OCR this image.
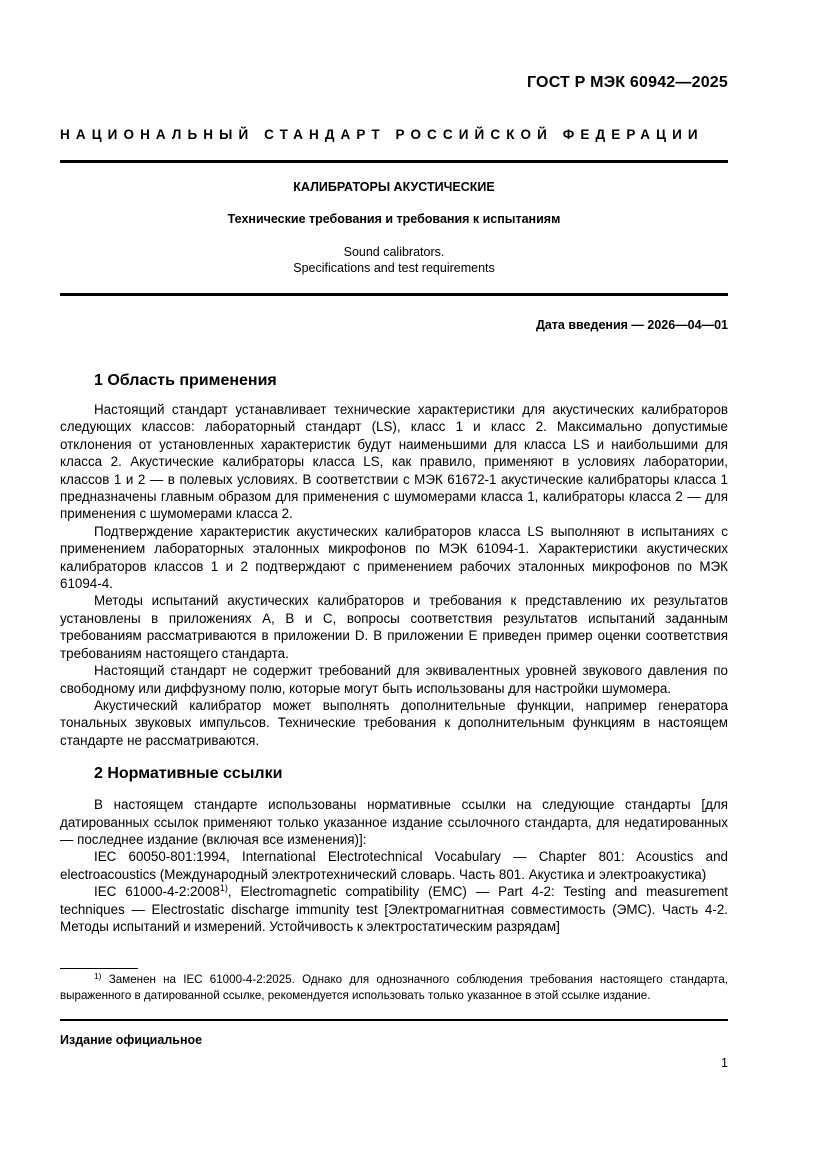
ГОСТ Р МЭК 60942—2025
НАЦИОНАЛЬНЫЙ СТАНДАРТ РОССИЙСКОЙ ФЕДЕРАЦИИ
КАЛИБРАТОРЫ АКУСТИЧЕСКИЕ
Технические требования и требования к испытаниям
Sound calibrators.
Specifications and test requirements
Дата введения — 2026—04—01
1 Область применения

Настоящий стандарт устанавливает технические характеристики для акустических калибраторов следующих классов: лабораторный стандарт (LS), класс 1 и класс 2. Максимально допустимые отклонения от установленных характеристик будут наименьшими для класса LS и наибольшими для класса 2. Акустические калибраторы класса LS, как правило, применяют в условиях лаборатории, классов 1 и 2 — в полевых условиях. В соответствии с МЭК 61672-1 акустические калибраторы класса 1 предназначены главным образом для применения с шумомерами класса 1, калибраторы класса 2 — для применения с шумомерами класса 2.

Подтверждение характеристик акустических калибраторов класса LS выполняют в испытаниях с применением лабораторных эталонных микрофонов по МЭК 61094-1. Характеристики акустических калибраторов классов 1 и 2 подтверждают с применением рабочих эталонных микрофонов по МЭК 61094-4.

Методы испытаний акустических калибраторов и требования к представлению их результатов установлены в приложениях А, В и С, вопросы соответствия результатов испытаний заданным требованиям рассматриваются в приложении D. В приложении Е приведен пример оценки соответствия требованиям настоящего стандарта.

Настоящий стандарт не содержит требований для эквивалентных уровней звукового давления по свободному или диффузному полю, которые могут быть использованы для настройки шумомера.

Акустический калибратор может выполнять дополнительные функции, например генератора тональных звуковых импульсов. Технические требования к дополнительным функциям в настоящем стандарте не рассматриваются.

2 Нормативные ссылки

В настоящем стандарте использованы нормативные ссылки на следующие стандарты [для датированных ссылок применяют только указанное издание ссылочного стандарта, для недатированных — последнее издание (включая все изменения)]:

IEC 60050-801:1994, International Electrotechnical Vocabulary — Chapter 801: Acoustics and electroacoustics (Международный электротехнический словарь. Часть 801. Акустика и электроакустика)

IEC 61000-4-2:2008$^{1)}$, Electromagnetic compatibility (EMC) — Part 4-2: Testing and measurement techniques — Electrostatic discharge immunity test [Электромагнитная совместимость (ЭМС). Часть 4-2. Методы испытаний и измерений. Устойчивость к электростатическим разрядам]

$^{1)}$ Заменен на IEC 61000-4-2:2025. Однако для однозначного соблюдения требования настоящего стандарта, выраженного в датированной ссылке, рекомендуется использовать только указанное в этой ссылке издание.

Издание официальное
1
